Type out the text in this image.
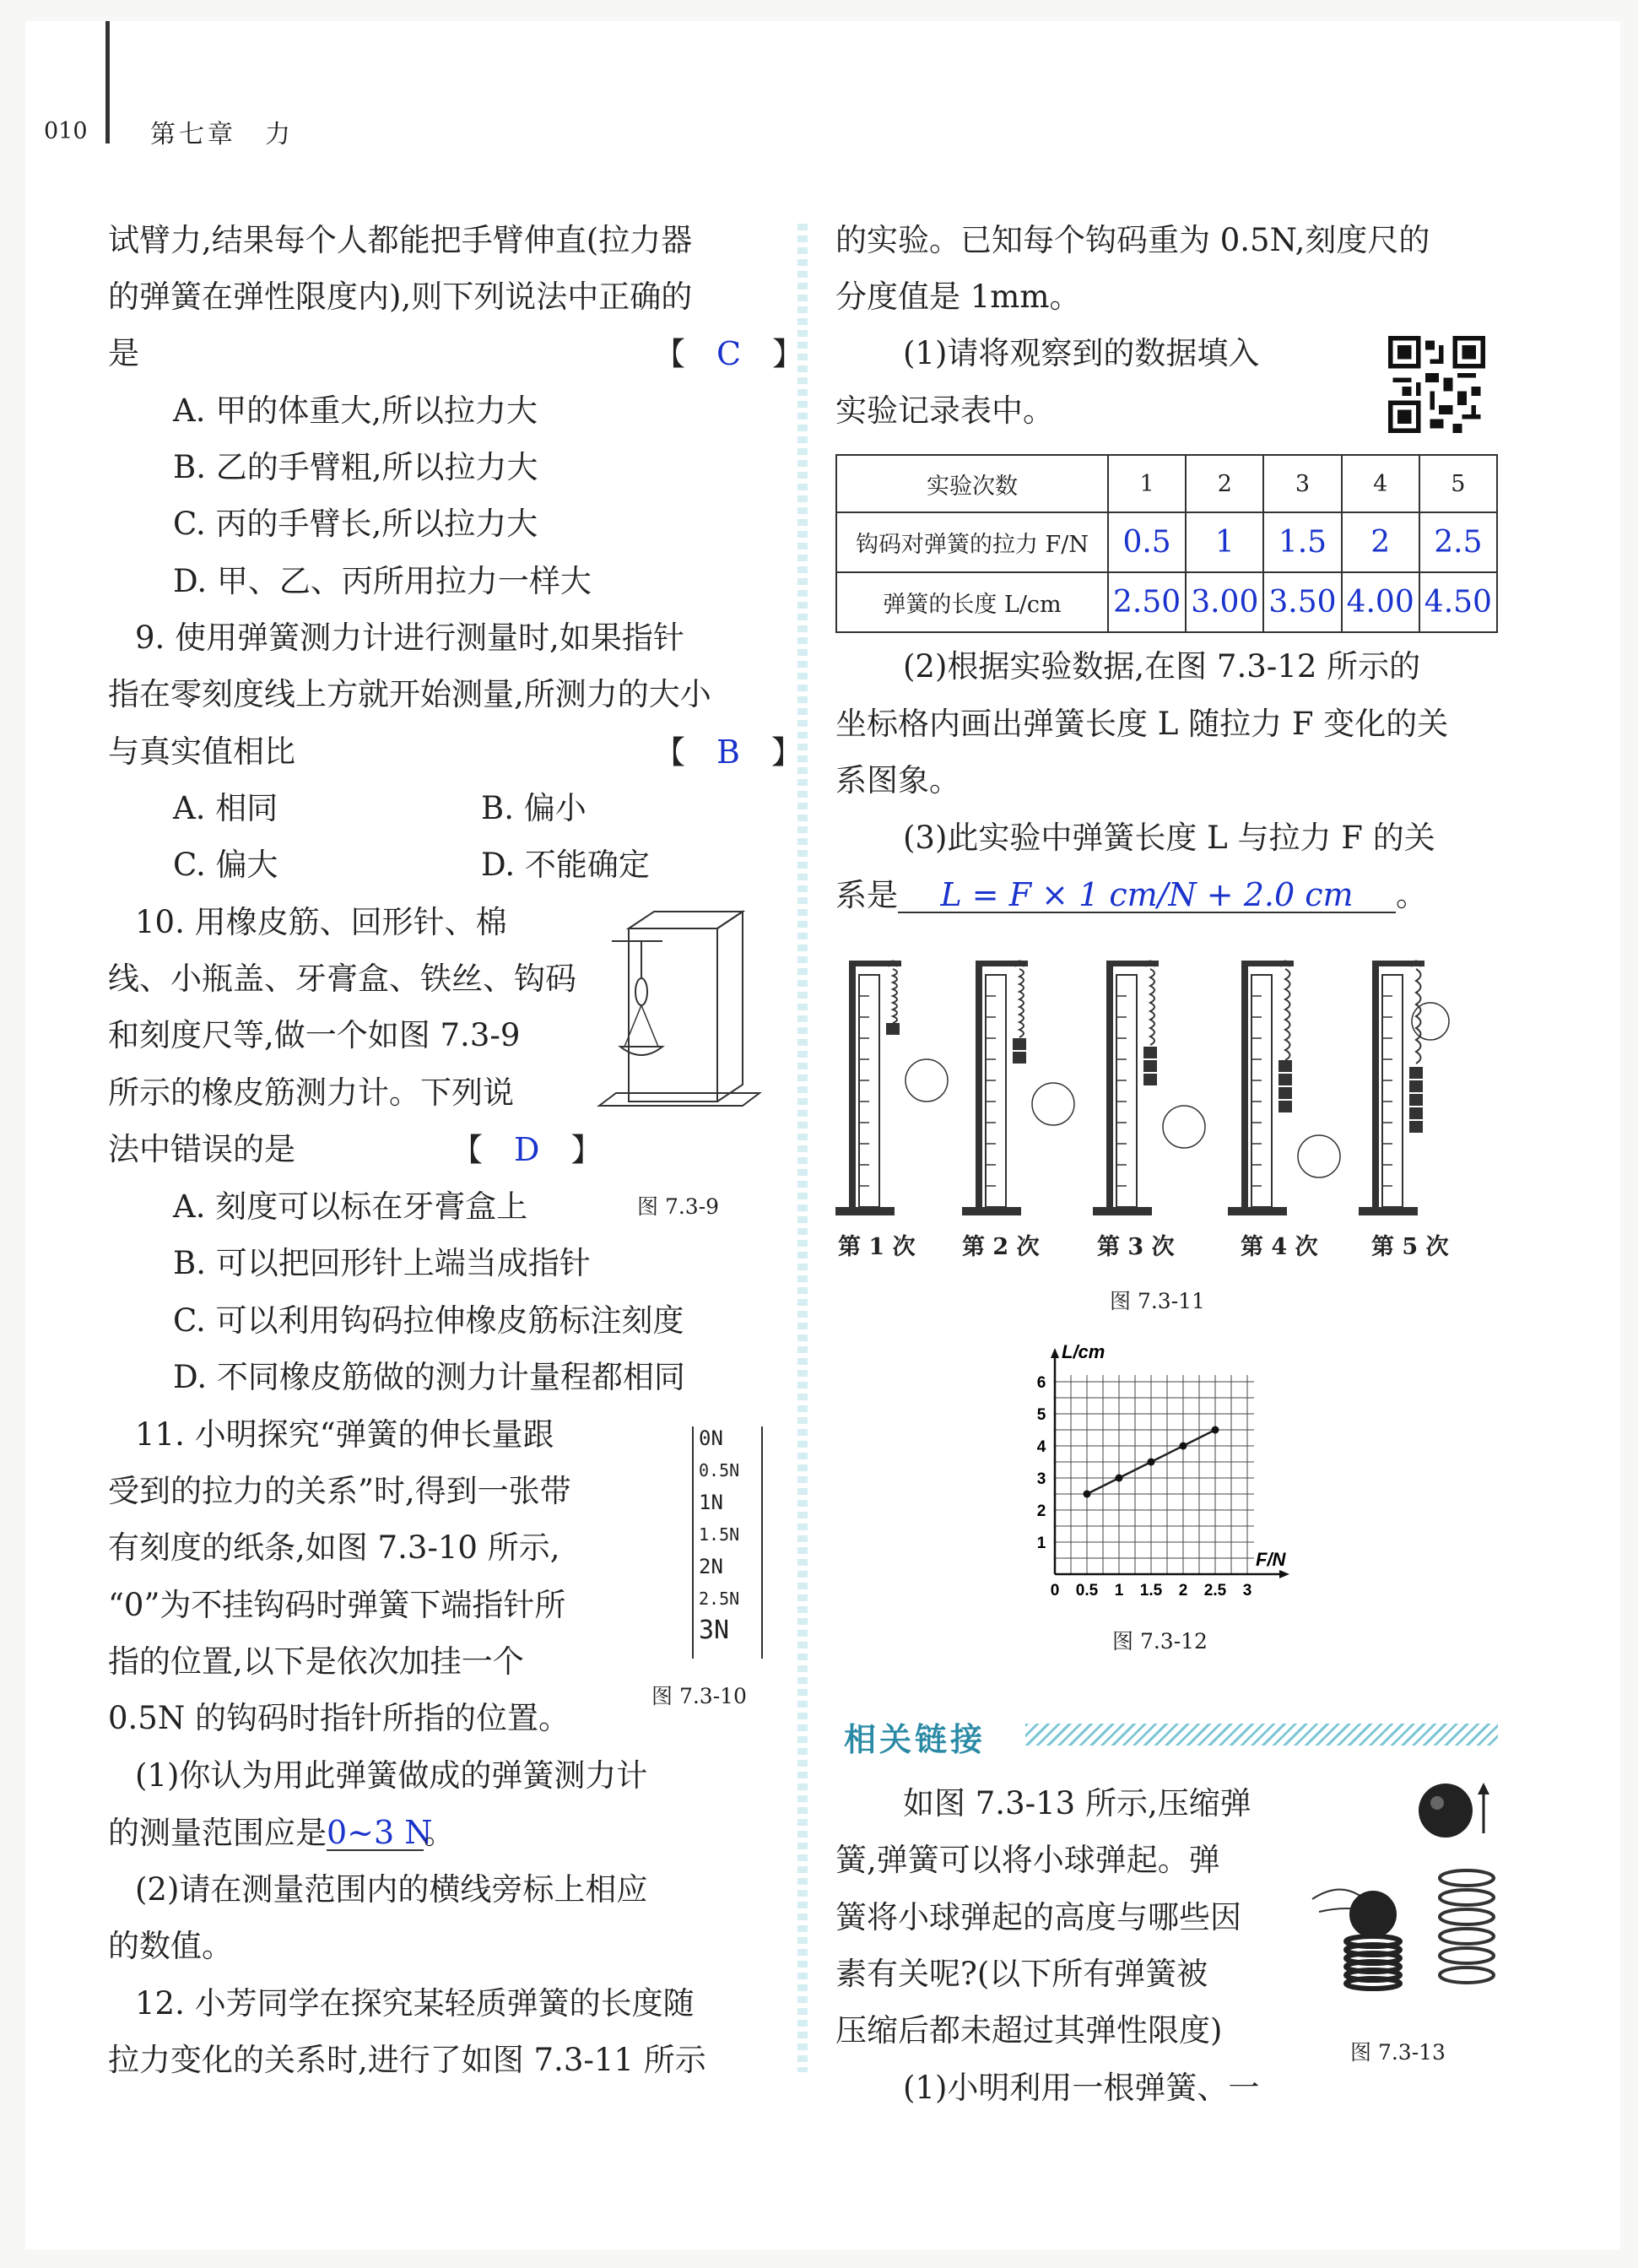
010 第七章　力
试臂力,结果每个人都能把手臂伸直(拉力器
的弹簧在弹性限度内),则下列说法中正确的
是	【　C　】
A. 甲的体重大,所以拉力大
B. 乙的手臂粗,所以拉力大
C. 丙的手臂长,所以拉力大
D. 甲、乙、丙所用拉力一样大
9. 使用弹簧测力计进行测量时,如果指针
指在零刻度线上方就开始测量,所测力的大小
与真实值相比	【　B　】
A. 相同	B. 偏小
C. 偏大	D. 不能确定
10. 用橡皮筋、回形针、棉
线、小瓶盖、牙膏盒、铁丝、钩码
和刻度尺等,做一个如图 7.3-9
所示的橡皮筋测力计。下列说
法中错误的是	【　D　】
图 7.3-9
A. 刻度可以标在牙膏盒上
B. 可以把回形针上端当成指针
C. 可以利用钩码拉伸橡皮筋标注刻度
D. 不同橡皮筋做的测力计量程都相同
11. 小明探究“弹簧的伸长量跟
受到的拉力的关系”时,得到一张带
有刻度的纸条,如图 7.3-10 所示,
“0”为不挂钩码时弹簧下端指针所
指的位置,以下是依次加挂一个
0.5N 的钩码时指针所指的位置。
0N
0.5N
1N
1.5N
2N
2.5N
3N
图 7.3-10
(1)你认为用此弹簧做成的弹簧测力计
的测量范围应是0~3 N。
(2)请在测量范围内的横线旁标上相应
的数值。
12. 小芳同学在探究某轻质弹簧的长度随
拉力变化的关系时,进行了如图 7.3-11 所示
的实验。已知每个钩码重为 0.5N,刻度尺的
分度值是 1mm。
(1)请将观察到的数据填入
实验记录表中。
实验次数	1	2	3	4	5
钩码对弹簧的拉力 F/N	0.5	1	1.5	2	2.5
弹簧的长度 L/cm	2.50	3.00	3.50	4.00	4.50
(2)根据实验数据,在图 7.3-12 所示的
坐标格内画出弹簧长度 L 随拉力 F 变化的关
系图象。
(3)此实验中弹簧长度 L 与拉力 F 的关
系是 L = F × 1 cm/N + 2.0 cm 。
第 1 次 第 2 次	第 3 次	第 4 次 第 5 次
图 7.3-11
0 0.5 1 1.5 2 2.5 3
1
2
3
4
5
6
F/N
L/cm
图 7.3-12
相关链接
如图 7.3-13 所示,压缩弹
簧,弹簧可以将小球弹起。弹
簧将小球弹起的高度与哪些因
素有关呢?(以下所有弹簧被
压缩后都未超过其弹性限度)
(1)小明利用一根弹簧、一
图 7.3-13
